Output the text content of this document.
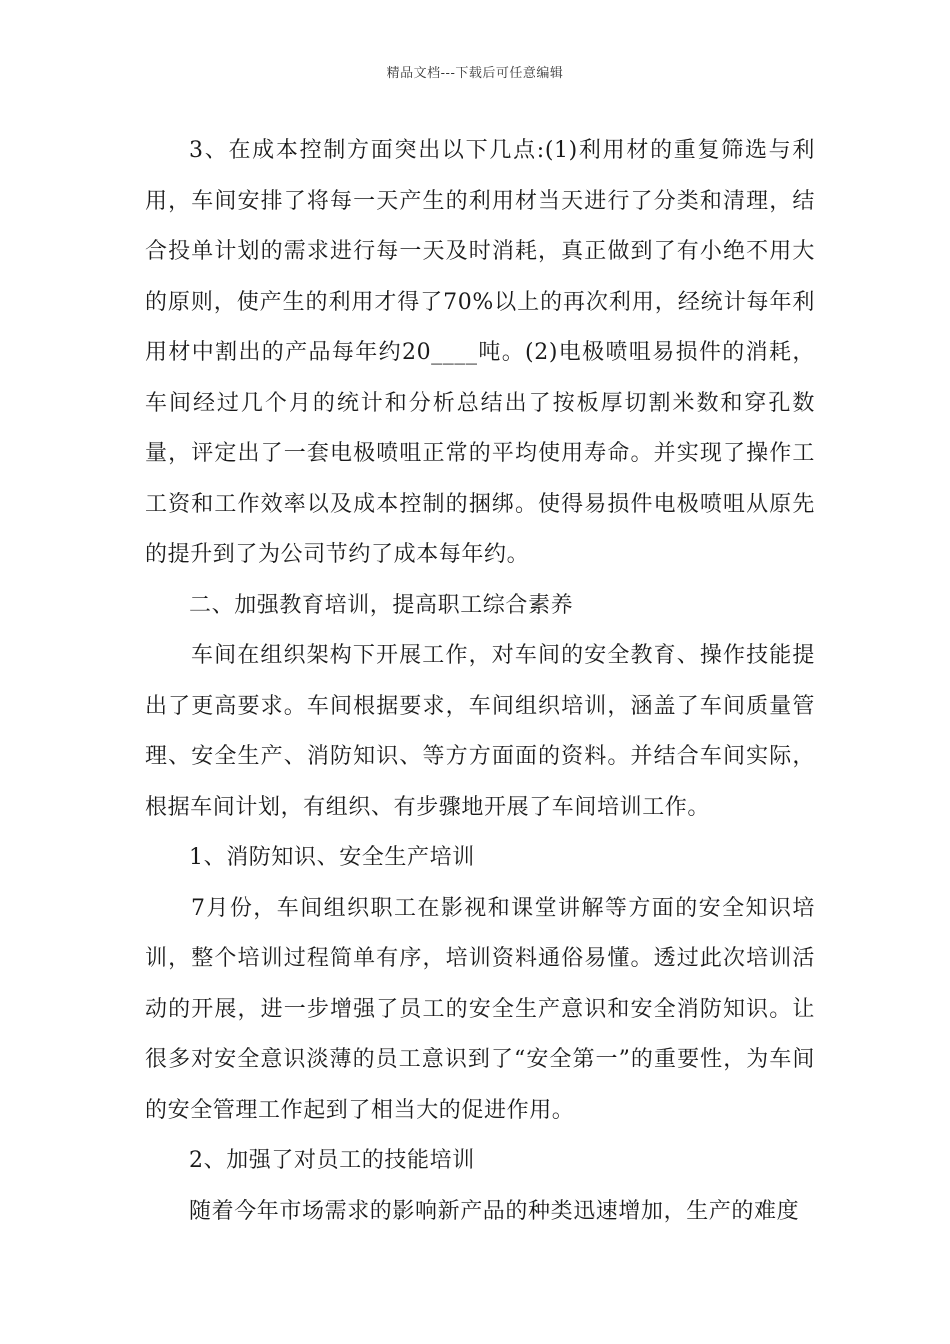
精品文档---下载后可任意编辑

3、在成本控制方面突出以下几点:(1)利用材的重复筛选与利用，车间安排了将每一天产生的利用材当天进行了分类和清理，结合投单计划的需求进行每一天及时消耗，真正做到了有小绝不用大的原则，使产生的利用才得了70%以上的再次利用，经统计每年利用材中割出的产品每年约20____吨。(2)电极喷咀易损件的消耗，车间经过几个月的统计和分析总结出了按板厚切割米数和穿孔数量，评定出了一套电极喷咀正常的平均使用寿命。并实现了操作工工资和工作效率以及成本控制的捆绑。使得易损件电极喷咀从原先的提升到了为公司节约了成本每年约。

二、加强教育培训，提高职工综合素养

车间在组织架构下开展工作，对车间的安全教育、操作技能提出了更高要求。车间根据要求，车间组织培训，涵盖了车间质量管理、安全生产、消防知识、等方方面面的资料。并结合车间实际，根据车间计划，有组织、有步骤地开展了车间培训工作。

1、消防知识、安全生产培训

7月份，车间组织职工在影视和课堂讲解等方面的安全知识培训，整个培训过程简单有序，培训资料通俗易懂。透过此次培训活动的开展，进一步增强了员工的安全生产意识和安全消防知识。让很多对安全意识淡薄的员工意识到了“安全第一”的重要性，为车间的安全管理工作起到了相当大的促进作用。

2、加强了对员工的技能培训

随着今年市场需求的影响新产品的种类迅速增加，生产的难度
